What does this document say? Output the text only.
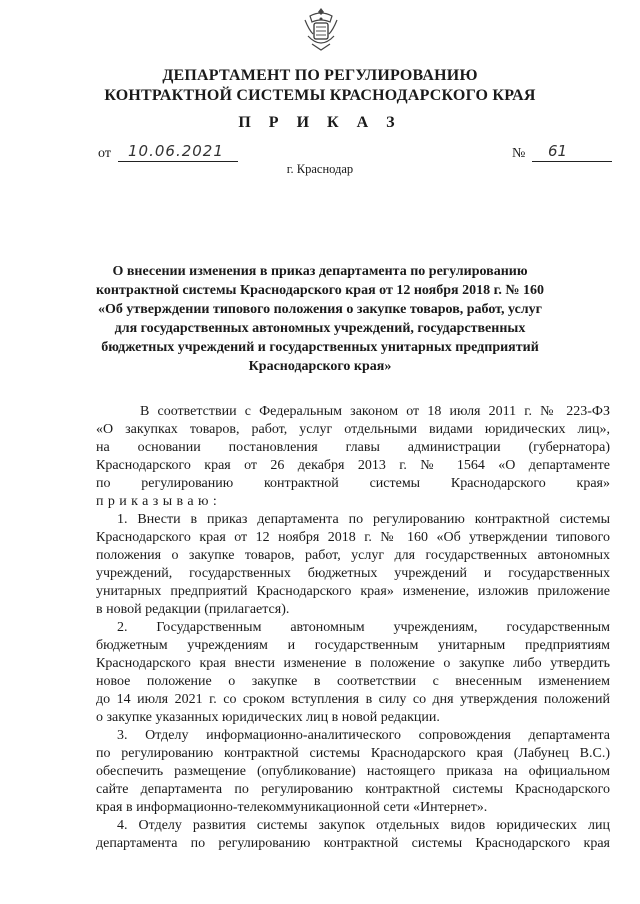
ДЕПАРТАМЕНТ ПО РЕГУЛИРОВАНИЮ
КОНТРАКТНОЙ СИСТЕМЫ КРАСНОДАРСКОГО КРАЯ
П Р И К А З
от 10.06.2021	№ 61
г. Краснодар
О внесении изменения в приказ департамента по регулированию
контрактной системы Краснодарского края от 12 ноября 2018 г. № 160
«Об утверждении типового положения о закупке товаров, работ, услуг
для государственных автономных учреждений, государственных
бюджетных учреждений и государственных унитарных предприятий
Краснодарского края»
В соответствии с Федеральным законом от 18 июля 2011 г. № 223-ФЗ
«О закупках товаров, работ, услуг отдельными видами юридических лиц»,
на основании постановления главы администрации (губернатора)
Краснодарского края от 26 декабря 2013 г. № 1564 «О департаменте
по регулированию контрактной системы Краснодарского края»
приказываю:
1. Внести в приказ департамента по регулированию контрактной системы
Краснодарского края от 12 ноября 2018 г. № 160 «Об утверждении типового
положения о закупке товаров, работ, услуг для государственных автономных
учреждений, государственных бюджетных учреждений и государственных
унитарных предприятий Краснодарского края» изменение, изложив приложение
в новой редакции (прилагается).
2. Государственным автономным учреждениям, государственным
бюджетным учреждениям и государственным унитарным предприятиям
Краснодарского края внести изменение в положение о закупке либо утвердить
новое положение о закупке в соответствии с внесенным изменением
до 14 июля 2021 г. со сроком вступления в силу со дня утверждения положений
о закупке указанных юридических лиц в новой редакции.
3. Отделу информационно-аналитического сопровождения департамента
по регулированию контрактной системы Краснодарского края (Лабунец В.С.)
обеспечить размещение (опубликование) настоящего приказа на официальном
сайте департамента по регулированию контрактной системы Краснодарского
края в информационно-телекоммуникационной сети «Интернет».
4. Отделу развития системы закупок отдельных видов юридических лиц
департамента по регулированию контрактной системы Краснодарского края
